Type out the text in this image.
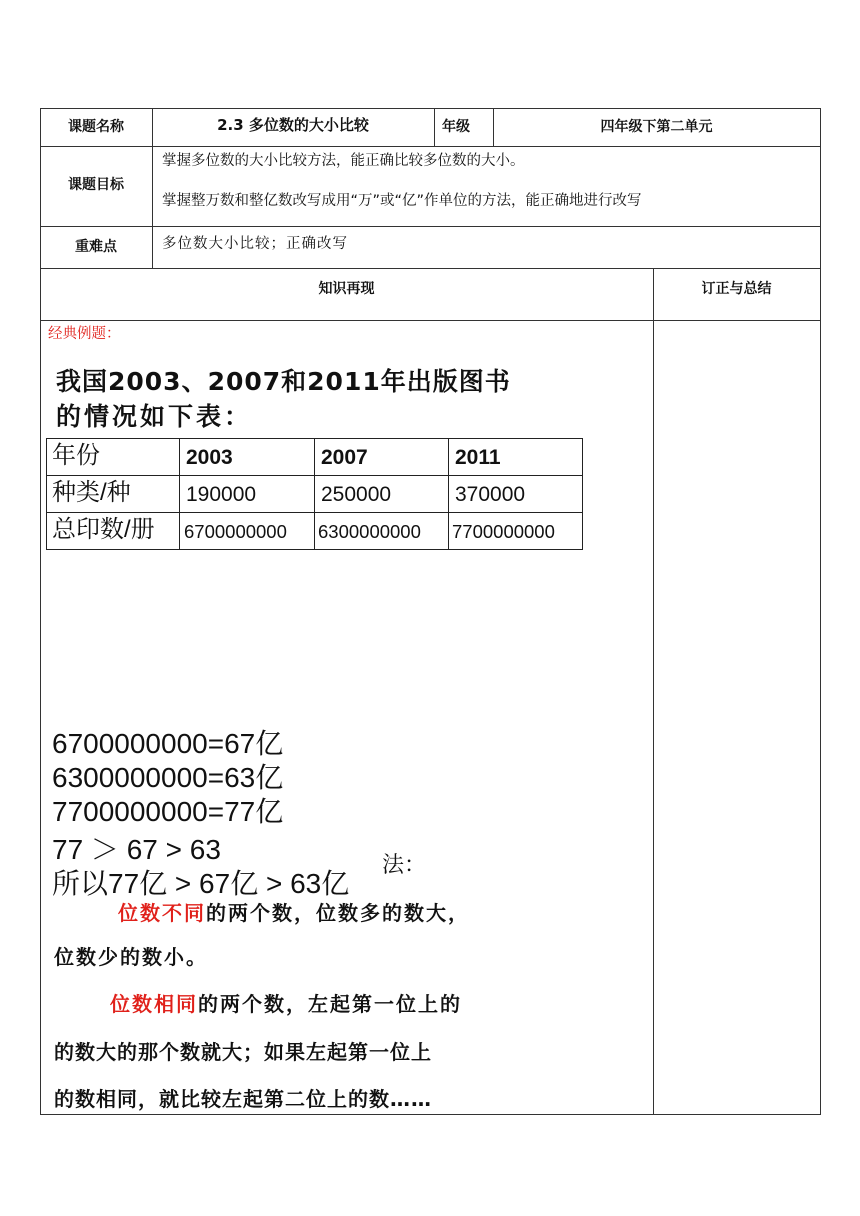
课题名称	2.3 多位数的大小比较	年级	四年级下第二单元
课题目标
掌握多位数的大小比较方法，能正确比较多位数的大小。
掌握整万数和整亿数改写成用“万”或“亿”作单位的方法，能正确地进行改写
重难点	多位数大小比较；正确改写
知识再现	订正与总结
经典例题：
我国2003、2007和2011年出版图书
的情况如下表：
年份	2003	2007	2011
种类/种	190000	250000	370000
总印数/册 6700000000 6300000000 7700000000
6700000000=67亿
6300000000=63亿
7700000000=77亿
77 ＞ 67 > 63
所以77亿 > 67亿 > 63亿
法：
位数不同的两个数，位数多的数大，
位数少的数小。
位数相同的两个数，左起第一位上的
的数大的那个数就大；如果左起第一位上
的数相同，就比较左起第二位上的数……
